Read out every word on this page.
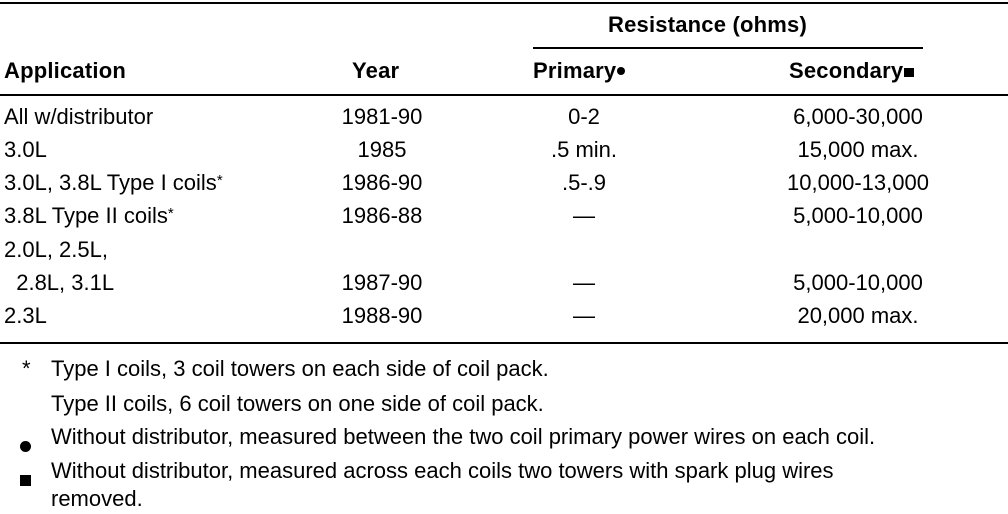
Resistance (ohms)
Application	Year	Primary	Secondary
All w/distributor	1981-90	0-2	6,000-30,000
3.0L	1985	.5 min.	15,000 max.
3.0L, 3.8L Type I coils*	1986-90	.5-.9	10,000-13,000
3.8L Type II coils*	1986-88	—	5,000-10,000
2.0L, 2.5L,
2.8L, 3.1L	1987-90	—	5,000-10,000
2.3L	1988-90	—	20,000 max.
* Type I coils, 3 coil towers on each side of coil pack.
Type II coils, 6 coil towers on one side of coil pack.
Without distributor, measured between the two coil primary power wires on each coil.
Without distributor, measured across each coils two towers with spark plug wires
removed.
